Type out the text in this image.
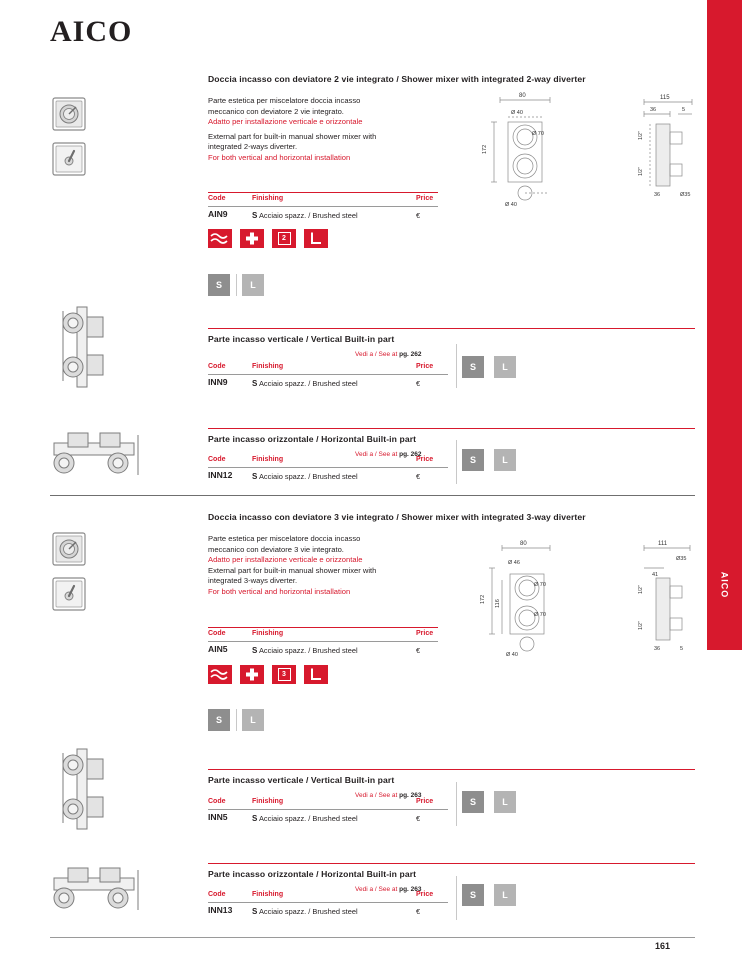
AICO
AICO
Doccia incasso con deviatore 2 vie integrato / Shower mixer with integrated 2-way diverter
Parte estetica per miscelatore doccia incasso
meccanico con deviatore 2 vie integrato.
Adatto per installazione verticale e orizzontale
External part for built-in manual shower mixer with
integrated 2-ways diverter.
For both vertical and horizontal installation
Code	Finishing	Price
AIN9	S Acciaio spazz. / Brushed steel	€
2
S	L
80
Ø 40
Ø 70
172
Ø 40
115
36	5
1/2"
1/2"
36	Ø35
Parte incasso verticale / Vertical Built-in part
Vedi a / See at pg. 262
Code	Finishing	Price
INN9	S Acciaio spazz. / Brushed steel	€
S	L
Parte incasso orizzontale / Horizontal Built-in part
Vedi a / See at pg. 262
Code	Finishing	Price
INN12 S Acciaio spazz. / Brushed steel	€
S	L
Doccia incasso con deviatore 3 vie integrato / Shower mixer with integrated 3-way diverter
Parte estetica per miscelatore doccia incasso
meccanico con deviatore 3 vie integrato.
Adatto per installazione verticale e orizzontale
External part for built-in manual shower mixer with
integrated 3-ways diverter.
For both vertical and horizontal installation
Code	Finishing	Price
AIN5	S Acciaio spazz. / Brushed steel	€
3
S	L
80
Ø 46
Ø 70
Ø 70
172 116
Ø 40
111
Ø35
41
1/2"
1/2"
36	5
Parte incasso verticale / Vertical Built-in part
Vedi a / See at pg. 263
Code	Finishing	Price
INN5	S Acciaio spazz. / Brushed steel	€
S	L
Parte incasso orizzontale / Horizontal Built-in part
Vedi a / See at pg. 263
Code	Finishing	Price
INN13 S Acciaio spazz. / Brushed steel	€
S	L
161
